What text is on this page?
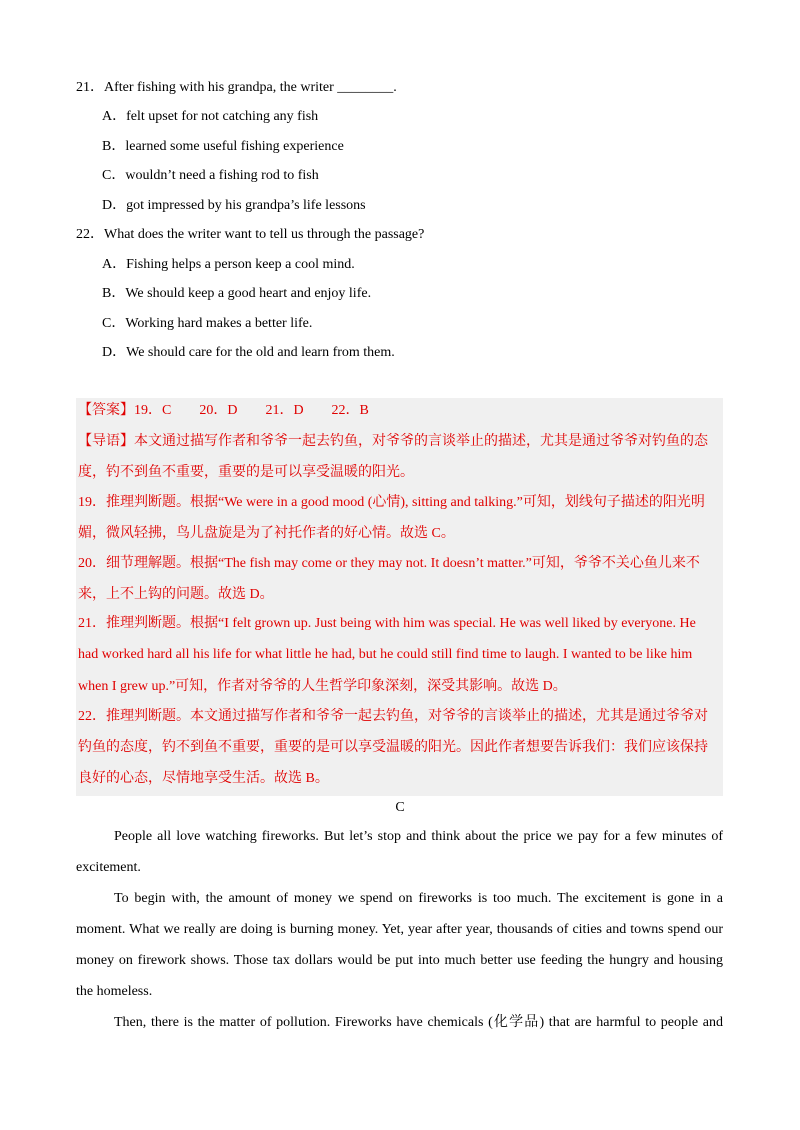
21．After fishing with his grandpa, the writer ________.
A．felt upset for not catching any fish
B．learned some useful fishing experience
C．wouldn’t need a fishing rod to fish
D．got impressed by his grandpa’s life lessons
22．What does the writer want to tell us through the passage?
A．Fishing helps a person keep a cool mind.
B．We should keep a good heart and enjoy life.
C．Working hard makes a better life.
D．We should care for the old and learn from them.
【答案】19．C　　20．D　　21．D　　22．B
【导语】本文通过描写作者和爷爷一起去钓鱼，对爷爷的言谈举止的描述，尤其是通过爷爷对钓鱼的态
度，钓不到鱼不重要，重要的是可以享受温暖的阳光。
19．推理判断题。根据“We were in a good mood (心情), sitting and talking.”可知，划线句子描述的阳光明
媚，微风轻拂，鸟儿盘旋是为了衬托作者的好心情。故选 C。
20．细节理解题。根据“The fish may come or they may not. It doesn’t matter.”可知，爷爷不关心鱼儿来不
来，上不上钩的问题。故选 D。
21．推理判断题。根据“I felt grown up. Just being with him was special. He was well liked by everyone. He
had worked hard all his life for what little he had, but he could still find time to laugh. I wanted to be like him
when I grew up.”可知，作者对爷爷的人生哲学印象深刻，深受其影响。故选 D。
22．推理判断题。本文通过描写作者和爷爷一起去钓鱼，对爷爷的言谈举止的描述，尤其是通过爷爷对
钓鱼的态度，钓不到鱼不重要，重要的是可以享受温暖的阳光。因此作者想要告诉我们：我们应该保持
良好的心态，尽情地享受生活。故选 B。
C
People all love watching fireworks. But let’s stop and think about the price we pay for a few minutes of
excitement.
To begin with, the amount of money we spend on fireworks is too much. The excitement is gone in a
moment. What we really are doing is burning money. Yet, year after year, thousands of cities and towns spend our
money on firework shows. Those tax dollars would be put into much better use feeding the hungry and housing
the homeless.
Then, there is the matter of pollution. Fireworks have chemicals (化学品) that are harmful to people and
